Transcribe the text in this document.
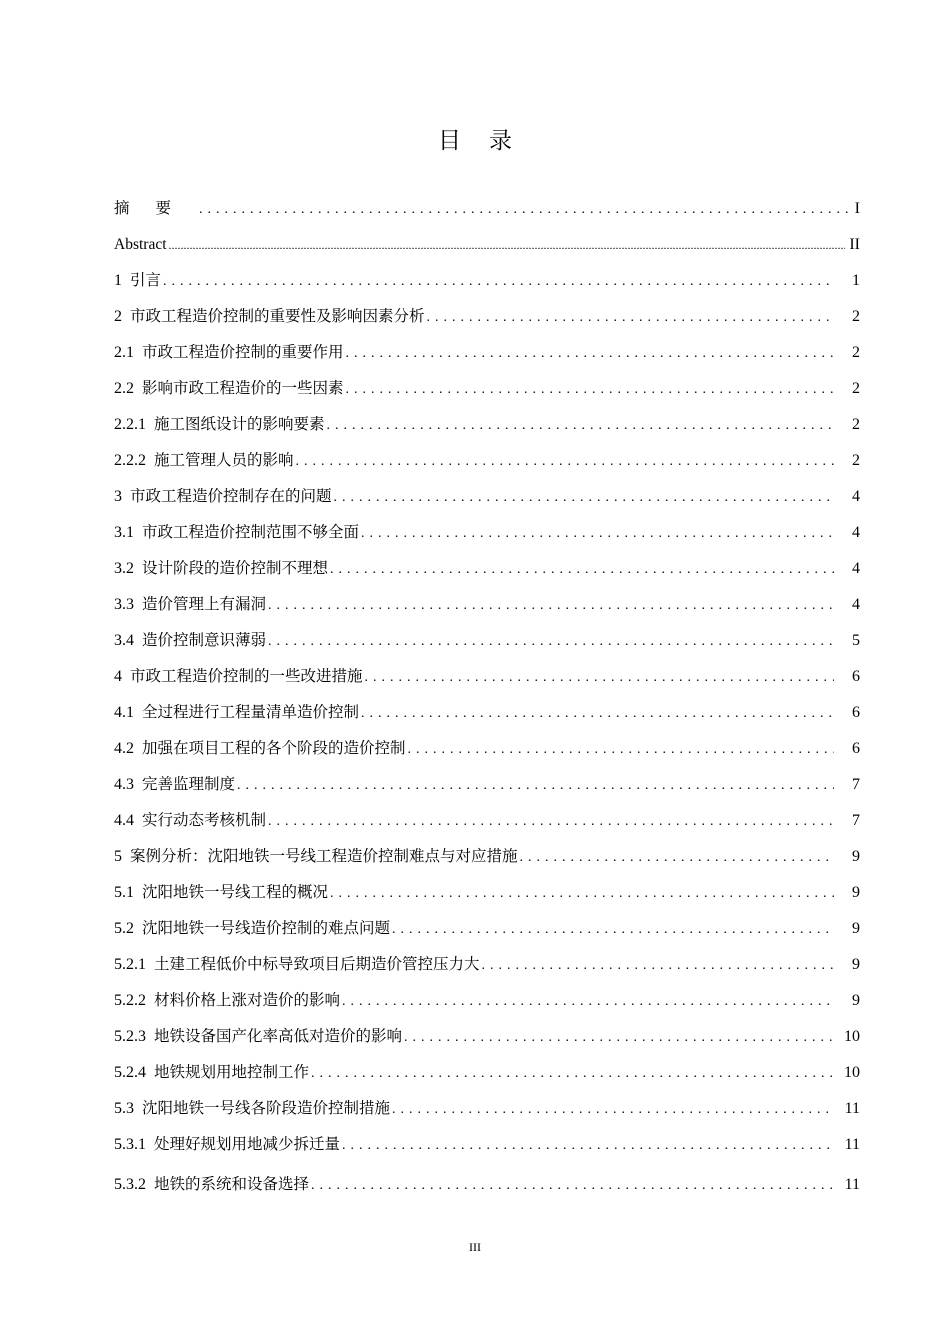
目录
摘要 . . .	I
Abstract .....	II
1 引言 . . .	1
2 市政工程造价控制的重要性及影响因素分析 . . .	2
2.1 市政工程造价控制的重要作用 . . .	2
2.2 影响市政工程造价的一些因素 . . .	2
2.2.1 施工图纸设计的影响要素 . . .	2
2.2.2 施工管理人员的影响 . . .	2
3 市政工程造价控制存在的问题 . . .	4
3.1 市政工程造价控制范围不够全面 . . .	4
3.2 设计阶段的造价控制不理想 . . .	4
3.3 造价管理上有漏洞 . . .	4
3.4 造价控制意识薄弱 . . .	5
4 市政工程造价控制的一些改进措施 . . .	6
4.1 全过程进行工程量清单造价控制 . . .	6
4.2 加强在项目工程的各个阶段的造价控制 . . .	6
4.3 完善监理制度 . . .	7
4.4 实行动态考核机制 . . .	7
5 案例分析：沈阳地铁一号线工程造价控制难点与对应措施 . . .	9
5.1 沈阳地铁一号线工程的概况 . . .	9
5.2 沈阳地铁一号线造价控制的难点问题 . . .	9
5.2.1 土建工程低价中标导致项目后期造价管控压力大 . . .	9
5.2.2 材料价格上涨对造价的影响 . . .	9
5.2.3 地铁设备国产化率高低对造价的影响 . . .	10
5.2.4 地铁规划用地控制工作 . . .	10
5.3 沈阳地铁一号线各阶段造价控制措施 . . .	11
5.3.1 处理好规划用地减少拆迁量 . . .	11
5.3.2 地铁的系统和设备选择 . . .	11
III
